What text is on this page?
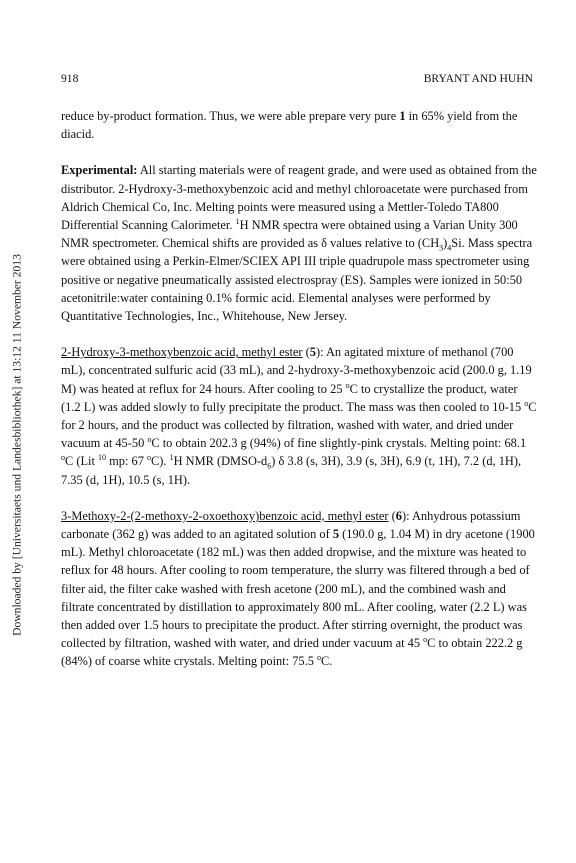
Downloaded by [Universitaets und Landesbibliothek] at 13:12 11 November 2013
918	BRYANT AND HUHN

reduce by-product formation. Thus, we were able prepare very pure 1 in 65% yield from the diacid.

Experimental: All starting materials were of reagent grade, and were used as obtained from the distributor. 2-Hydroxy-3-methoxybenzoic acid and methyl chloroacetate were purchased from Aldrich Chemical Co, Inc. Melting points were measured using a Mettler-Toledo TA800 Differential Scanning Calorimeter. $^1$H NMR spectra were obtained using a Varian Unity 300 NMR spectrometer. Chemical shifts are provided as δ values relative to $(CH_3)_4Si$. Mass spectra were obtained using a Perkin-Elmer/SCIEX API III triple quadrupole mass spectrometer using positive or negative pneumatically assisted electrospray (ES). Samples were ionized in 50:50 acetonitrile:water containing 0.1% formic acid. Elemental analyses were performed by Quantitative Technologies, Inc., Whitehouse, New Jersey.

2-Hydroxy-3-methoxybenzoic acid, methyl ester (5): An agitated mixture of methanol (700 mL), concentrated sulfuric acid (33 mL), and 2-hydroxy-3-methoxybenzoic acid (200.0 g, 1.19 M) was heated at reflux for 24 hours. After cooling to 25 $^o$C to crystallize the product, water (1.2 L) was added slowly to fully precipitate the product. The mass was then cooled to 10-15 $^o$C for 2 hours, and the product was collected by filtration, washed with water, and dried under vacuum at 45-50 $^o$C to obtain 202.3 g (94%) of fine slightly-pink crystals. Melting point: 68.1 $^o$C (Lit $^{10}$ mp: 67 $^o$C). $^1$H NMR $(DMSO-d_6)$ δ 3.8 (s, 3H), 3.9 (s, 3H), 6.9 (t, 1H), 7.2 (d, 1H), 7.35 (d, 1H), 10.5 (s, 1H).

3-Methoxy-2-(2-methoxy-2-oxoethoxy)benzoic acid, methyl ester (6): Anhydrous potassium carbonate (362 g) was added to an agitated solution of 5 (190.0 g, 1.04 M) in dry acetone (1900 mL). Methyl chloroacetate (182 mL) was then added dropwise, and the mixture was heated to reflux for 48 hours. After cooling to room temperature, the slurry was filtered through a bed of filter aid, the filter cake washed with fresh acetone (200 mL), and the combined wash and filtrate concentrated by distillation to approximately 800 mL. After cooling, water (2.2 L) was then added over 1.5 hours to precipitate the product. After stirring overnight, the product was collected by filtration, washed with water, and dried under vacuum at 45 $^o$C to obtain 222.2 g (84%) of coarse white crystals. Melting point: 75.5 $^o$C.
